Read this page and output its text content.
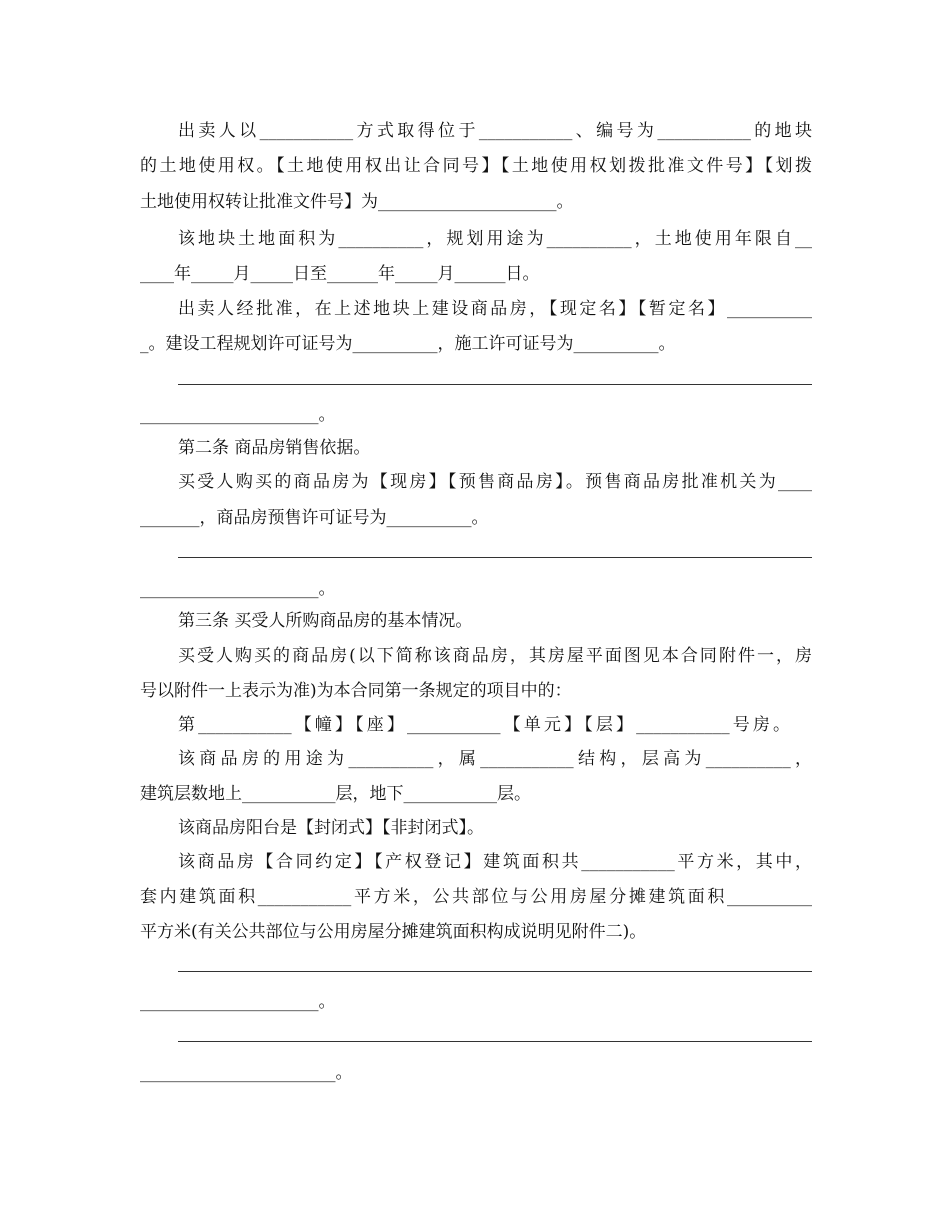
出卖人以___________方式取得位于___________、编号为___________的地块
的土地使用权。【土地使用权出让合同号】【土地使用权划拨批准文件号】【划拨
土地使用权转让批准文件号】为_____________________。
该地块土地面积为__________，规划用途为__________，土地使用年限自__
____年_____月_____日至______年_____月______日。
出卖人经批准，在上述地块上建设商品房，【现定名】【暂定名】__________
_。建设工程规划许可证号为__________，施工许可证号为__________。
_____________________。
第二条 商品房销售依据。
买受人购买的商品房为【现房】【预售商品房】。预售商品房批准机关为____
_______，商品房预售许可证号为__________。
_____________________。
第三条 买受人所购商品房的基本情况。
买受人购买的商品房(以下简称该商品房，其房屋平面图见本合同附件一，房
号以附件一上表示为准)为本合同第一条规定的项目中的：
第___________【幢】【座】___________【单元】【层】___________号房。
该商品房的用途为__________，属___________结构，层高为__________，
建筑层数地上___________层，地下___________层。
该商品房阳台是【封闭式】【非封闭式】。
该商品房【合同约定】【产权登记】建筑面积共___________平方米，其中，
套内建筑面积___________平方米，公共部位与公用房屋分摊建筑面积__________
平方米(有关公共部位与公用房屋分摊建筑面积构成说明见附件二)。
_____________________。
_______________________。
